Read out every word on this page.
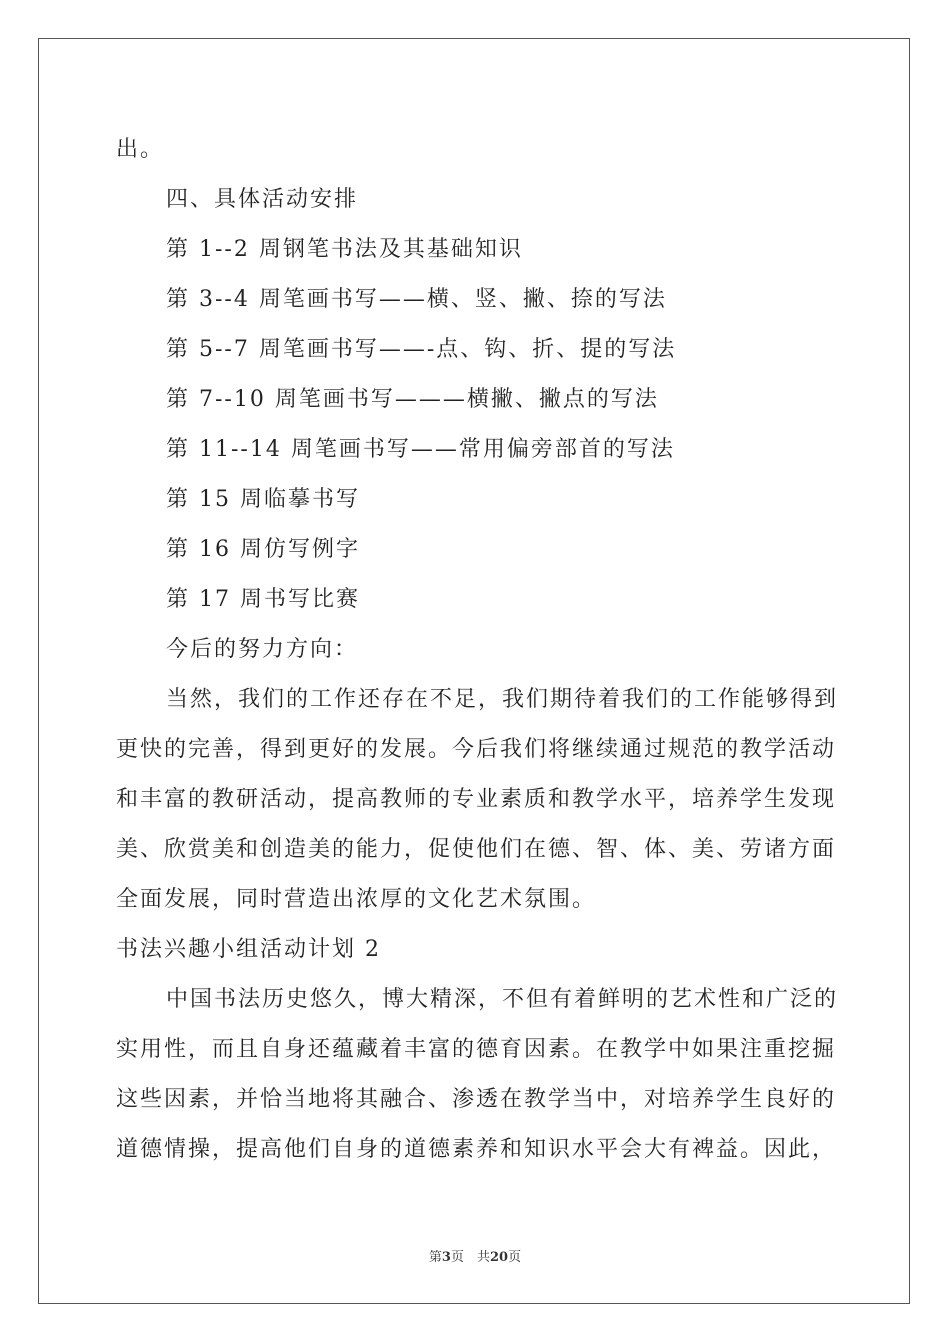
出。
四、具体活动安排
第 1--2 周钢笔书法及其基础知识
第 3--4 周笔画书写——横、竖、撇、捺的写法
第 5--7 周笔画书写——-点、钩、折、提的写法
第 7--10 周笔画书写———横撇、撇点的写法
第 11--14 周笔画书写——常用偏旁部首的写法
第 15 周临摹书写
第 16 周仿写例字
第 17 周书写比赛
今后的努力方向：
当然，我们的工作还存在不足，我们期待着我们的工作能够得到
更快的完善，得到更好的发展。今后我们将继续通过规范的教学活动
和丰富的教研活动，提高教师的专业素质和教学水平，培养学生发现
美、欣赏美和创造美的能力，促使他们在德、智、体、美、劳诸方面
全面发展，同时营造出浓厚的文化艺术氛围。
书法兴趣小组活动计划 2
中国书法历史悠久，博大精深，不但有着鲜明的艺术性和广泛的
实用性，而且自身还蕴藏着丰富的德育因素。在教学中如果注重挖掘
这些因素，并恰当地将其融合、渗透在教学当中，对培养学生良好的
道德情操，提高他们自身的道德素养和知识水平会大有裨益。因此，
第3页　共20页
